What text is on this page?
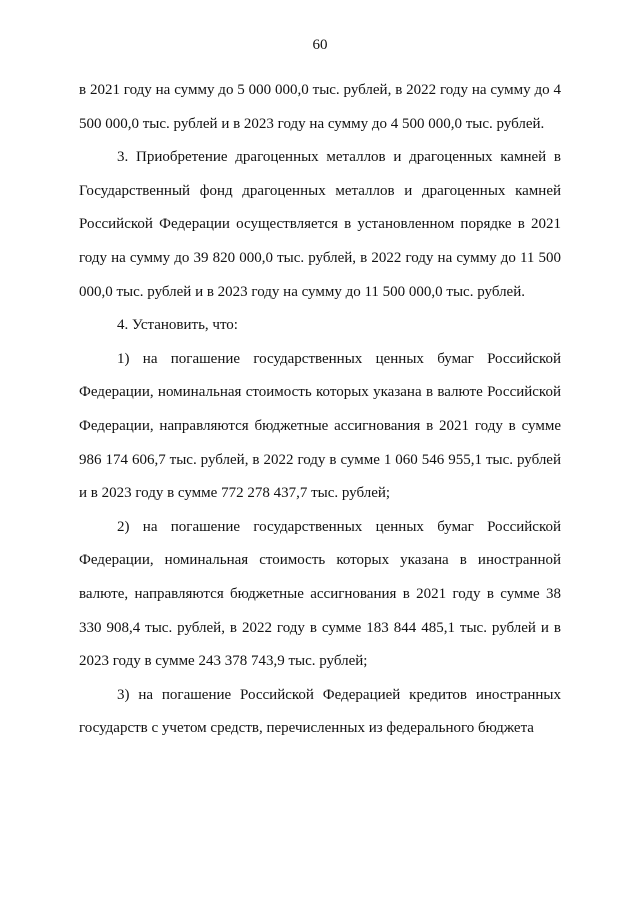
60

в 2021 году на сумму до 5 000 000,0 тыс. рублей, в 2022 году на сумму до 4 500 000,0 тыс. рублей и в 2023 году на сумму до 4 500 000,0 тыс. рублей.

3. Приобретение драгоценных металлов и драгоценных камней в Государственный фонд драгоценных металлов и драгоценных камней Российской Федерации осуществляется в установленном порядке в 2021 году на сумму до 39 820 000,0 тыс. рублей, в 2022 году на сумму до 11 500 000,0 тыс. рублей и в 2023 году на сумму до 11 500 000,0 тыс. рублей.

4. Установить, что:

1) на погашение государственных ценных бумаг Российской Федерации, номинальная стоимость которых указана в валюте Российской Федерации, направляются бюджетные ассигнования в 2021 году в сумме 986 174 606,7 тыс. рублей, в 2022 году в сумме 1 060 546 955,1 тыс. рублей и в 2023 году в сумме 772 278 437,7 тыс. рублей;

2) на погашение государственных ценных бумаг Российской Федерации, номинальная стоимость которых указана в иностранной валюте, направляются бюджетные ассигнования в 2021 году в сумме 38 330 908,4 тыс. рублей, в 2022 году в сумме 183 844 485,1 тыс. рублей и в 2023 году в сумме 243 378 743,9 тыс. рублей;

3) на погашение Российской Федерацией кредитов иностранных государств с учетом средств, перечисленных из федерального бюджета
